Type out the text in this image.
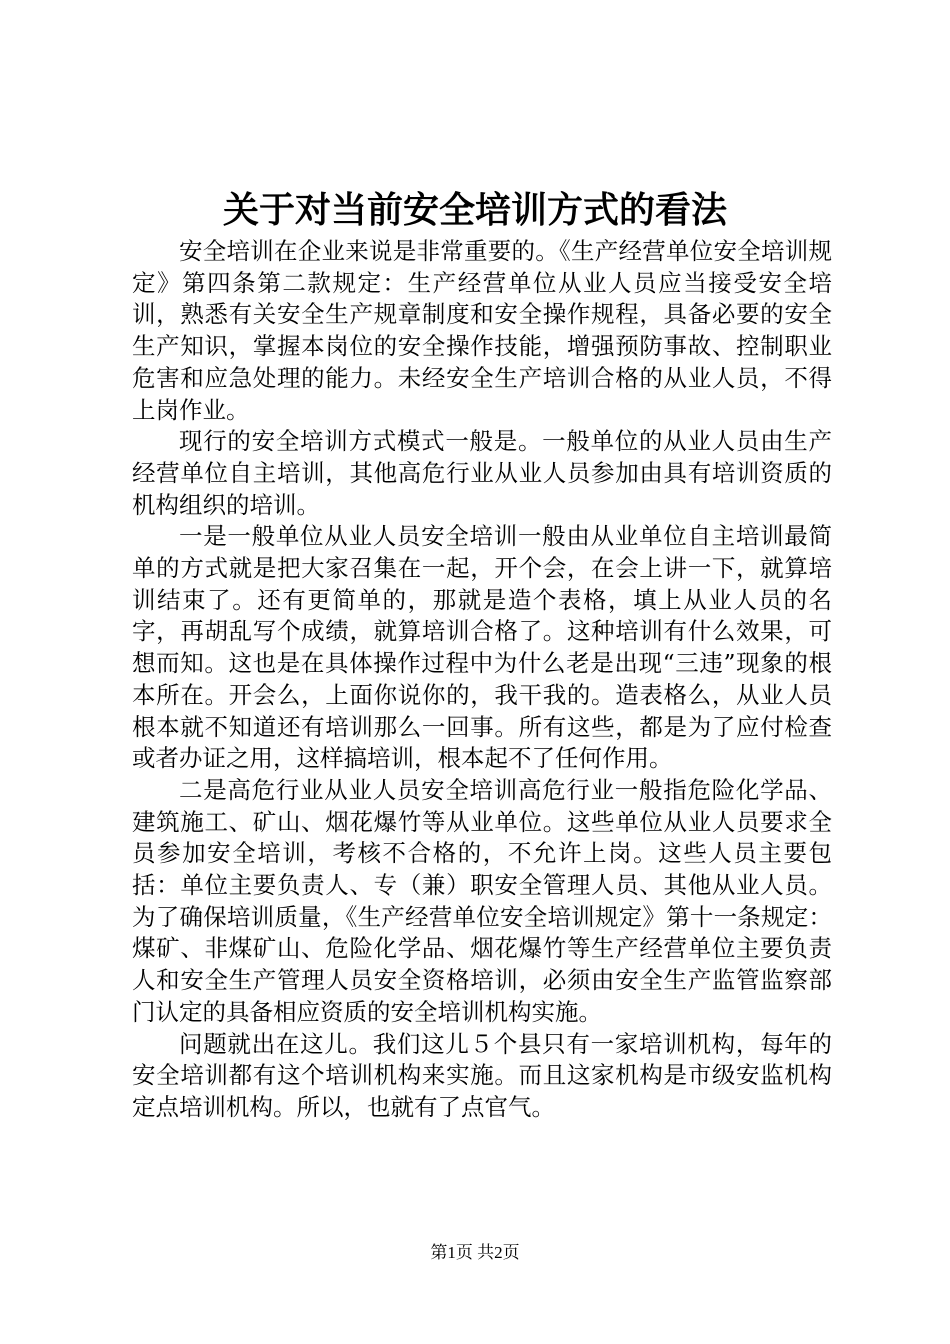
关于对当前安全培训方式的看法

安全培训在企业来说是非常重要的。《生产经营单位安全培训规定》第四条第二款规定：生产经营单位从业人员应当接受安全培训，熟悉有关安全生产规章制度和安全操作规程，具备必要的安全生产知识，掌握本岗位的安全操作技能，增强预防事故、控制职业危害和应急处理的能力。未经安全生产培训合格的从业人员，不得上岗作业。

现行的安全培训方式模式一般是。一般单位的从业人员由生产经营单位自主培训，其他高危行业从业人员参加由具有培训资质的机构组织的培训。

一是一般单位从业人员安全培训一般由从业单位自主培训最简单的方式就是把大家召集在一起，开个会，在会上讲一下，就算培训结束了。还有更简单的，那就是造个表格，填上从业人员的名字，再胡乱写个成绩，就算培训合格了。这种培训有什么效果，可想而知。这也是在具体操作过程中为什么老是出现“三违”现象的根本所在。开会么，上面你说你的，我干我的。造表格么，从业人员根本就不知道还有培训那么一回事。所有这些，都是为了应付检查或者办证之用，这样搞培训，根本起不了任何作用。

二是高危行业从业人员安全培训高危行业一般指危险化学品、建筑施工、矿山、烟花爆竹等从业单位。这些单位从业人员要求全员参加安全培训，考核不合格的，不允许上岗。这些人员主要包括：单位主要负责人、专（兼）职安全管理人员、其他从业人员。为了确保培训质量，《生产经营单位安全培训规定》第十一条规定：煤矿、非煤矿山、危险化学品、烟花爆竹等生产经营单位主要负责人和安全生产管理人员安全资格培训，必须由安全生产监管监察部门认定的具备相应资质的安全培训机构实施。

问题就出在这儿。我们这儿５个县只有一家培训机构，每年的安全培训都有这个培训机构来实施。而且这家机构是市级安监机构定点培训机构。所以，也就有了点官气。

第1页 共2页
